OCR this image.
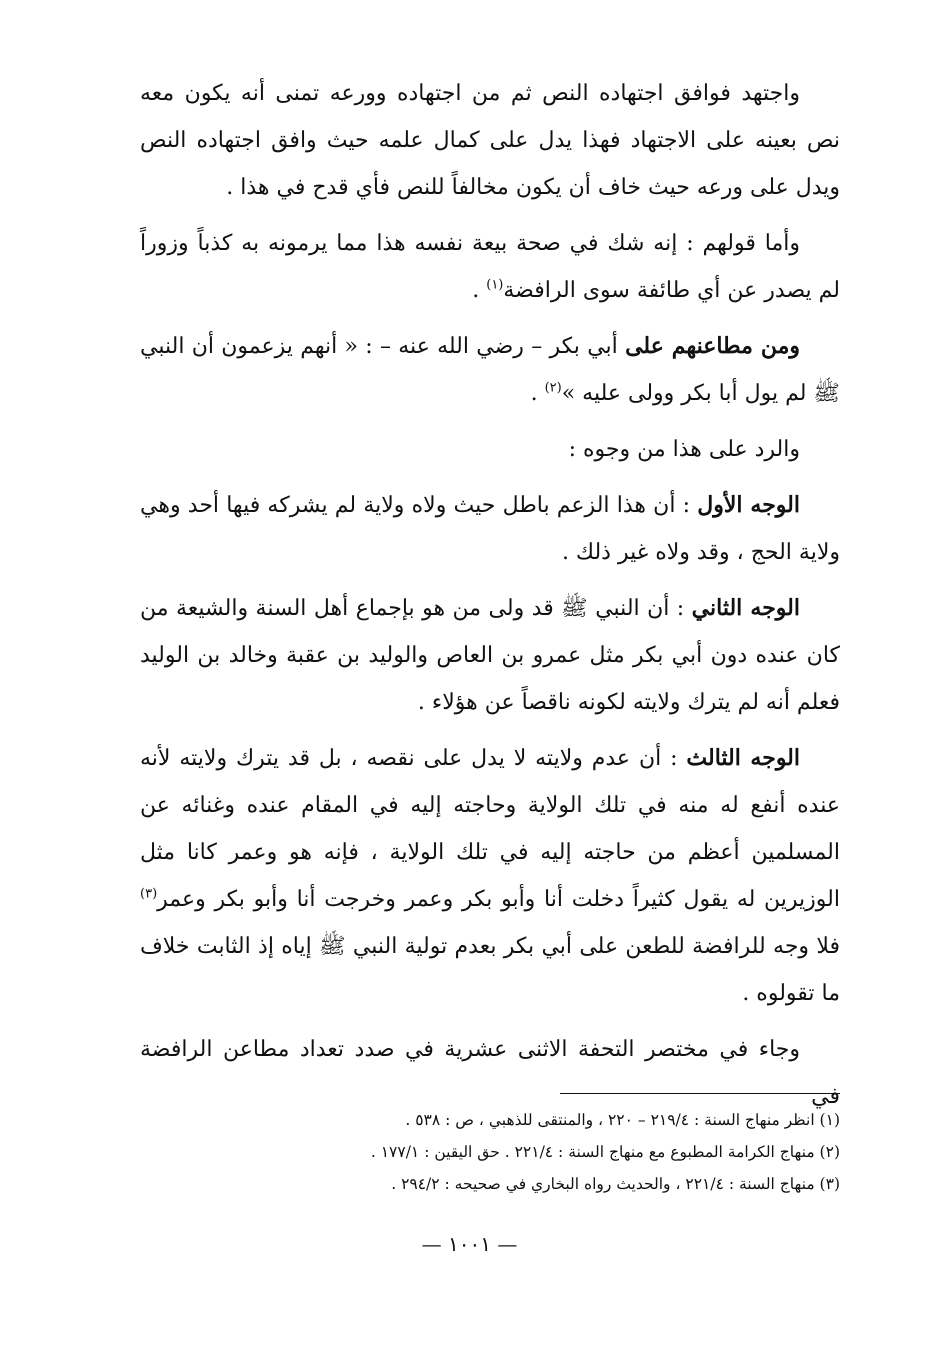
واجتهد فوافق اجتهاده النص ثم من اجتهاده وورعه تمنى أنه يكون معه نص بعينه على الاجتهاد فهذا يدل على كمال علمه حيث وافق اجتهاده النص ويدل على ورعه حيث خاف أن يكون مخالفاً للنص فأي قدح في هذا .

وأما قولهم : إنه شك في صحة بيعة نفسه هذا مما يرمونه به كذباً وزوراً لم يصدر عن أي طائفة سوى الرافضة$^{(١)}$ .

ومن مطاعنهم على أبي بكر – رضي الله عنه – : « أنهم يزعمون أن النبي ﷺ لم يول أبا بكر وولى عليه »$^{(٢)}$ .

والرد على هذا من وجوه :

الوجه الأول : أن هذا الزعم باطل حيث ولاه ولاية لم يشركه فيها أحد وهي ولاية الحج ، وقد ولاه غير ذلك .

الوجه الثاني : أن النبي ﷺ قد ولى من هو بإجماع أهل السنة والشيعة من كان عنده دون أبي بكر مثل عمرو بن العاص والوليد بن عقبة وخالد بن الوليد فعلم أنه لم يترك ولايته لكونه ناقصاً عن هؤلاء .

الوجه الثالث : أن عدم ولايته لا يدل على نقصه ، بل قد يترك ولايته لأنه عنده أنفع له منه في تلك الولاية وحاجته إليه في المقام عنده وغنائه عن المسلمين أعظم من حاجته إليه في تلك الولاية ، فإنه هو وعمر كانا مثل الوزيرين له يقول كثيراً دخلت أنا وأبو بكر وعمر وخرجت أنا وأبو بكر وعمر$^{(٣)}$ فلا وجه للرافضة للطعن على أبي بكر بعدم تولية النبي ﷺ إياه إذ الثابت خلاف ما تقولوه .

وجاء في مختصر التحفة الاثنى عشرية في صدد تعداد مطاعن الرافضة في

(١) انظر منهاج السنة : ٢١٩/٤ – ٢٢٠ ، والمنتقى للذهبي ، ص : ٥٣٨ .

(٢) منهاج الكرامة المطبوع مع منهاج السنة : ٢٢١/٤ . حق اليقين : ١٧٧/١ .

(٣) منهاج السنة : ٢٢١/٤ ، والحديث رواه البخاري في صحيحه : ٢٩٤/٢ .

— ١٠٠١ —
